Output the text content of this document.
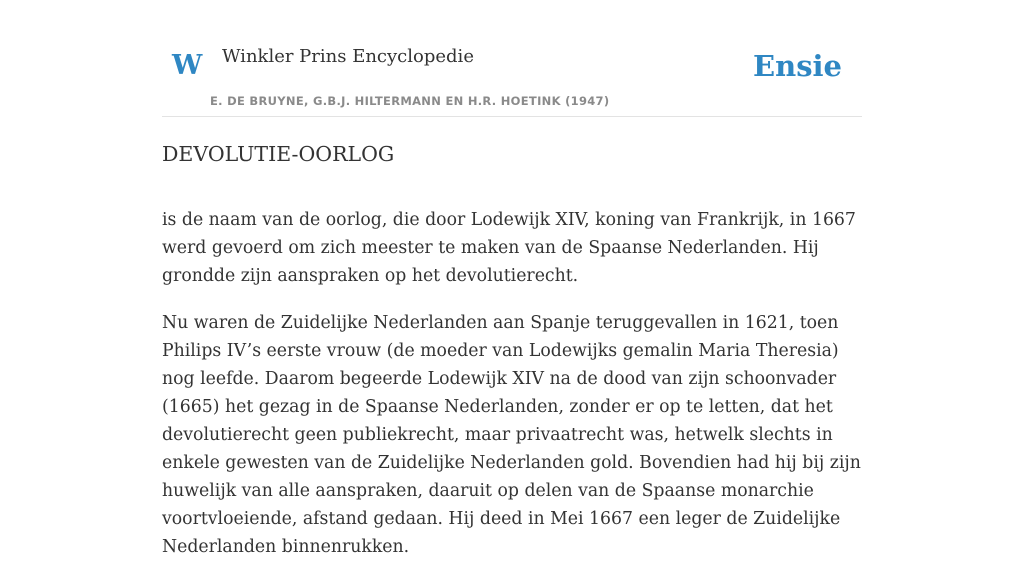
W Winkler Prins Encyclopedie
E. DE BRUYNE, G.B.J. HILTERMANN EN H.R. HOETINK (1947)
Ensie
DEVOLUTIE-OORLOG

is de naam van de oorlog, die door Lodewijk XIV, koning van Frankrijk, in 1667 werd gevoerd om zich meester te maken van de Spaanse Nederlanden. Hij grondde zijn aanspraken op het devolutierecht.

Nu waren de Zuidelijke Nederlanden aan Spanje teruggevallen in 1621, toen Philips IV’s eerste vrouw (de moeder van Lodewijks gemalin Maria Theresia) nog leefde. Daarom begeerde Lodewijk XIV na de dood van zijn schoonvader (1665) het gezag in de Spaanse Nederlanden, zonder er op te letten, dat het devolutierecht geen publiekrecht, maar privaatrecht was, hetwelk slechts in enkele gewesten van de Zuidelijke Nederlanden gold. Bovendien had hij bij zijn huwelijk van alle aanspraken, daaruit op delen van de Spaanse monarchie voortvloeiende, afstand gedaan. Hij deed in Mei 1667 een leger de Zuidelijke Nederlanden binnenrukken.
